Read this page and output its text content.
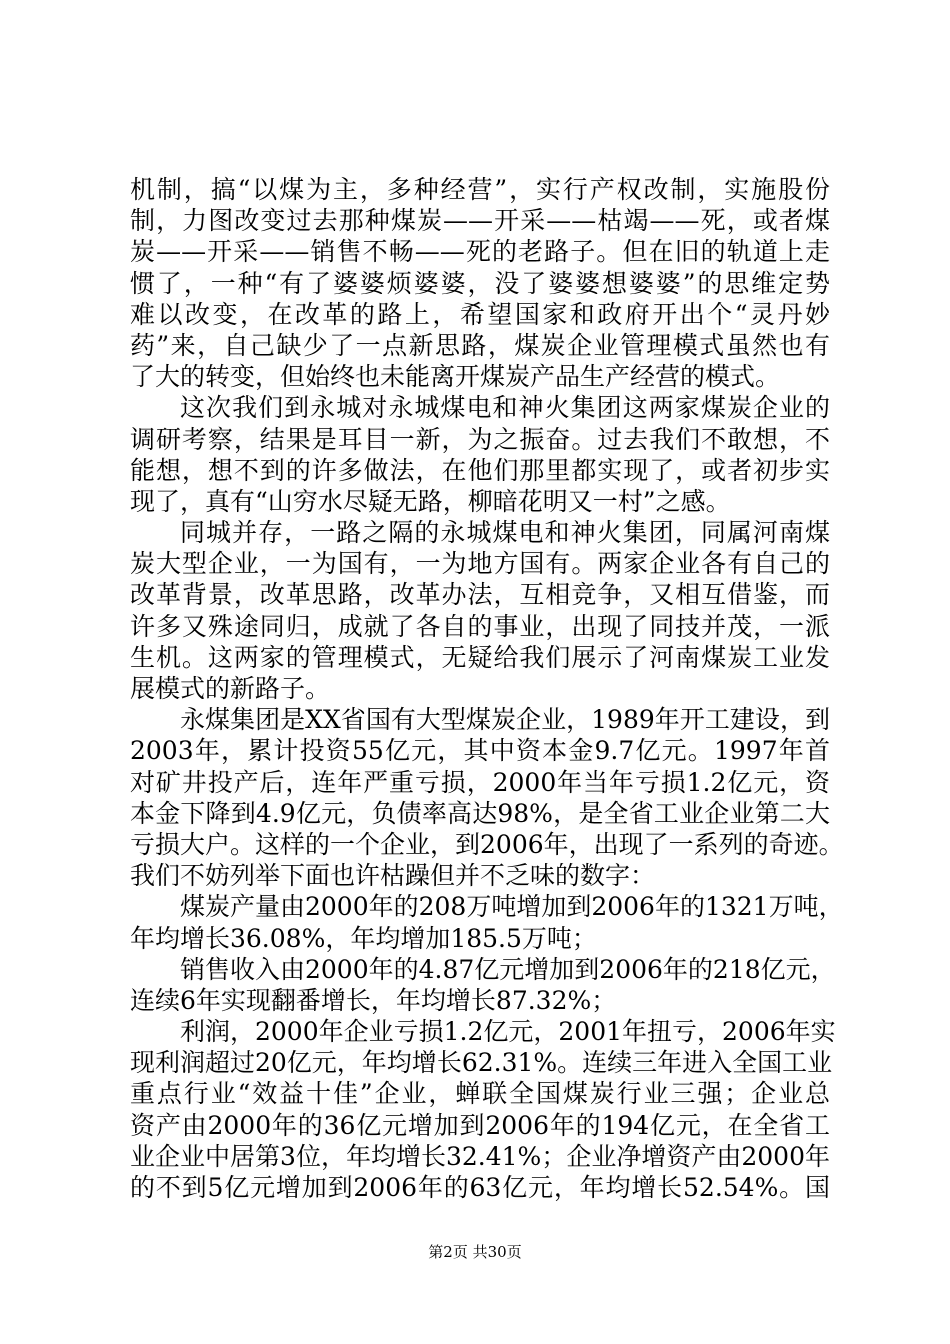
机制，搞“以煤为主，多种经营”，实行产权改制，实施股份
制，力图改变过去那种煤炭——开采——枯竭——死，或者煤
炭——开采——销售不畅——死的老路子。但在旧的轨道上走
惯了，一种“有了婆婆烦婆婆，没了婆婆想婆婆”的思维定势
难以改变，在改革的路上，希望国家和政府开出个“灵丹妙
药”来，自己缺少了一点新思路，煤炭企业管理模式虽然也有
了大的转变，但始终也未能离开煤炭产品生产经营的模式。
这次我们到永城对永城煤电和神火集团这两家煤炭企业的
调研考察，结果是耳目一新，为之振奋。过去我们不敢想，不
能想，想不到的许多做法，在他们那里都实现了，或者初步实
现了，真有“山穷水尽疑无路，柳暗花明又一村”之感。
同城并存，一路之隔的永城煤电和神火集团，同属河南煤
炭大型企业，一为国有，一为地方国有。两家企业各有自己的
改革背景，改革思路，改革办法，互相竞争，又相互借鉴，而
许多又殊途同归，成就了各自的事业，出现了同技并茂，一派
生机。这两家的管理模式，无疑给我们展示了河南煤炭工业发
展模式的新路子。
永煤集团是XX省国有大型煤炭企业，1989年开工建设，到
2003年，累计投资55亿元，其中资本金9.7亿元。1997年首
对矿井投产后，连年严重亏损，2000年当年亏损1.2亿元，资
本金下降到4.9亿元，负债率高达98%，是全省工业企业第二大
亏损大户。这样的一个企业，到2006年，出现了一系列的奇迹。
我们不妨列举下面也许枯躁但并不乏味的数字：
煤炭产量由2000年的208万吨增加到2006年的1321万吨，
年均增长36.08%，年均增加185.5万吨；
销售收入由2000年的4.87亿元增加到2006年的218亿元，
连续6年实现翻番增长，年均增长87.32%；
利润，2000年企业亏损1.2亿元，2001年扭亏，2006年实
现利润超过20亿元，年均增长62.31%。连续三年进入全国工业
重点行业“效益十佳”企业，蝉联全国煤炭行业三强；企业总
资产由2000年的36亿元增加到2006年的194亿元，在全省工
业企业中居第3位，年均增长32.41%；企业净增资产由2000年
的不到5亿元增加到2006年的63亿元，年均增长52.54%。国
第2页 共30页
